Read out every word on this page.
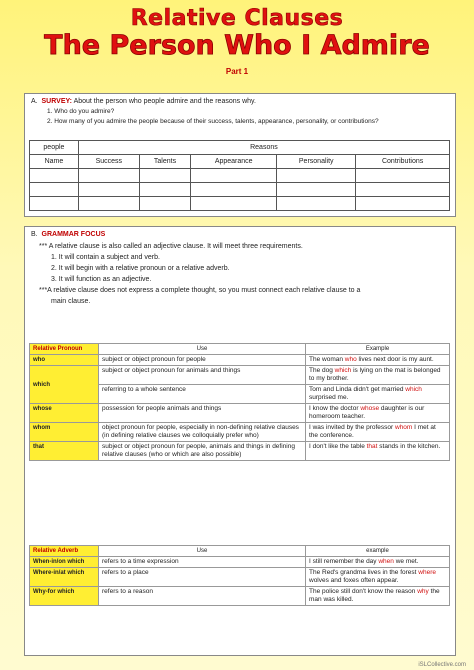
Relative Clauses
The Person Who I Admire
Part 1
A. SURVEY: About the person who people admire and the reasons why.
1. Who do you admire?
2. How many of you admire the people because of their success, talents, appearance, personality, or contributions?
people	Reasons				
Name	Success	Talents	Appearance	Personality	Contributions

B. GRAMMAR FOCUS
*** A relative clause is also called an adjective clause. It will meet three requirements.
1. It will contain a subject and verb.
2. It will begin with a relative pronoun or a relative adverb.
3. It will function as an adjective.
***A relative clause does not express a complete thought, so you must connect each relative clause to a
main clause.
Relative Pronoun	Use	Example
who	subject or object pronoun for people	The woman who lives next door is my aunt.
which	subject or object pronoun for animals and things	The dog which is lying on the mat is belonged to my brother.
	referring to a whole sentence	Tom and Linda didn't get married which surprised me.
whose	possession for people animals and things	I know the doctor whose daughter is our homeroom teacher.
whom	object pronoun for people, especially in non-defining relative clauses (in defining relative clauses we colloquially prefer who)	I was invited by the professor whom I met at the conference.
that	subject or object pronoun for people, animals and things in defining relative clauses (who or which are also possible)	I don't like the table that stands in the kitchen.
Relative Adverb	Use	example
When-in/on which	refers to a time expression	I still remember the day when we met.
Where-in/at which	refers to a place	The Red's grandma lives in the forest where wolves and foxes often appear.
Why-for which	refers to a reason	The police still don't know the reason why the man was killed.
iSLCollective.com
